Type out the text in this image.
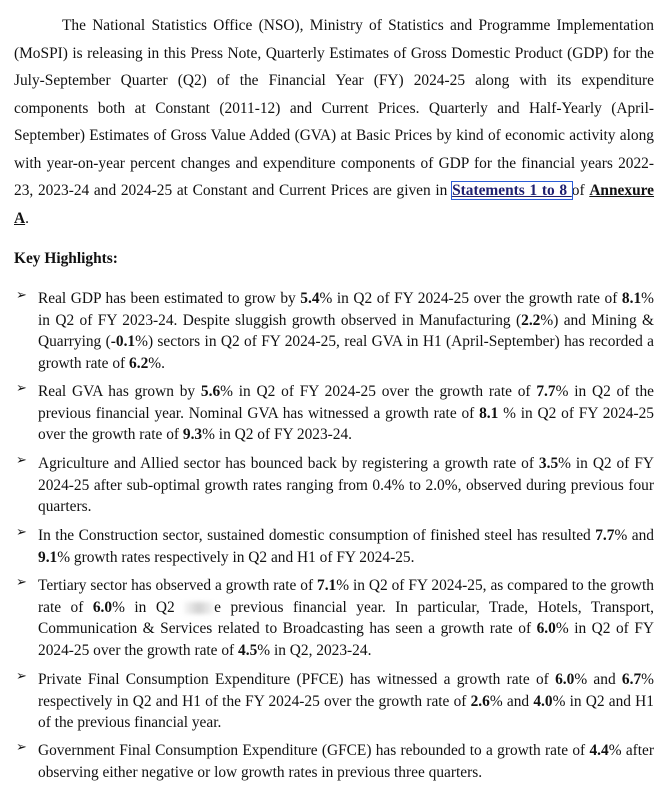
The National Statistics Office (NSO), Ministry of Statistics and Programme Implementation (MoSPI) is releasing in this Press Note, Quarterly Estimates of Gross Domestic Product (GDP) for the July-September Quarter (Q2) of the Financial Year (FY) 2024-25 along with its expenditure components both at Constant (2011-12) and Current Prices. Quarterly and Half-Yearly (April-September) Estimates of Gross Value Added (GVA) at Basic Prices by kind of economic activity along with year-on-year percent changes and expenditure components of GDP for the financial years 2022-23, 2023-24 and 2024-25 at Constant and Current Prices are given in Statements 1 to 8 of Annexure A.

Key Highlights:

➢ Real GDP has been estimated to grow by 5.4% in Q2 of FY 2024-25 over the growth rate of 8.1% in Q2 of FY 2023-24. Despite sluggish growth observed in Manufacturing (2.2%) and Mining & Quarrying (-0.1%) sectors in Q2 of FY 2024-25, real GVA in H1 (April-September) has recorded a growth rate of 6.2%.

➢ Real GVA has grown by 5.6% in Q2 of FY 2024-25 over the growth rate of 7.7% in Q2 of the previous financial year. Nominal GVA has witnessed a growth rate of 8.1 % in Q2 of FY 2024-25 over the growth rate of 9.3% in Q2 of FY 2023-24.

➢ Agriculture and Allied sector has bounced back by registering a growth rate of 3.5% in Q2 of FY 2024-25 after sub-optimal growth rates ranging from 0.4% to 2.0%, observed during previous four quarters.

➢ In the Construction sector, sustained domestic consumption of finished steel has resulted 7.7% and 9.1% growth rates respectively in Q2 and H1 of FY 2024-25.

➢ Tertiary sector has observed a growth rate of 7.1% in Q2 of FY 2024-25, as compared to the growth rate of 6.0% in Q2 e previous financial year. In particular, Trade, Hotels, Transport, Communication & Services related to Broadcasting has seen a growth rate of 6.0% in Q2 of FY 2024-25 over the growth rate of 4.5% in Q2, 2023-24.

➢ Private Final Consumption Expenditure (PFCE) has witnessed a growth rate of 6.0% and 6.7% respectively in Q2 and H1 of the FY 2024-25 over the growth rate of 2.6% and 4.0% in Q2 and H1 of the previous financial year.

➢ Government Final Consumption Expenditure (GFCE) has rebounded to a growth rate of 4.4% after observing either negative or low growth rates in previous three quarters.
